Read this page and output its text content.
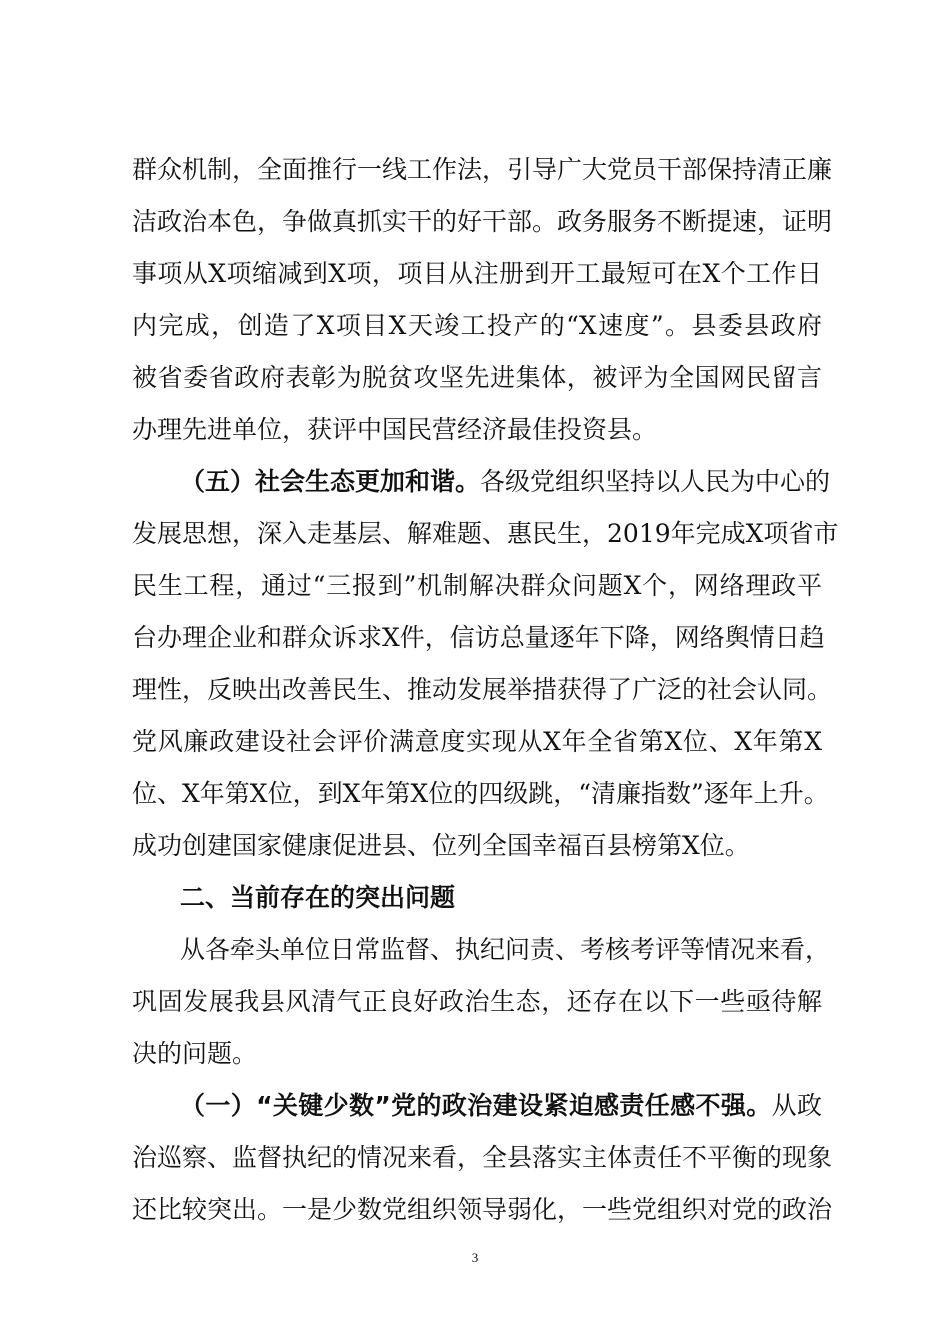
群众机制，全面推行一线工作法，引导广大党员干部保持清正廉
洁政治本色，争做真抓实干的好干部。政务服务不断提速，证明
事项从X项缩减到X项，项目从注册到开工最短可在X个工作日
内完成，创造了X项目X天竣工投产的“X速度”。县委县政府
被省委省政府表彰为脱贫攻坚先进集体，被评为全国网民留言
办理先进单位，获评中国民营经济最佳投资县。
（五）社会生态更加和谐。各级党组织坚持以人民为中心的
发展思想，深入走基层、解难题、惠民生，2019年完成X项省市
民生工程，通过“三报到”机制解决群众问题X个，网络理政平
台办理企业和群众诉求X件，信访总量逐年下降，网络舆情日趋
理性，反映出改善民生、推动发展举措获得了广泛的社会认同。
党风廉政建设社会评价满意度实现从X年全省第X位、X年第X
位、X年第X位，到X年第X位的四级跳，“清廉指数”逐年上升。
成功创建国家健康促进县、位列全国幸福百县榜第X位。
二、当前存在的突出问题
从各牵头单位日常监督、执纪问责、考核考评等情况来看，
巩固发展我县风清气正良好政治生态，还存在以下一些亟待解
决的问题。
（一）“关键少数”党的政治建设紧迫感责任感不强。从政
治巡察、监督执纪的情况来看，全县落实主体责任不平衡的现象
还比较突出。一是少数党组织领导弱化，一些党组织对党的政治
3
